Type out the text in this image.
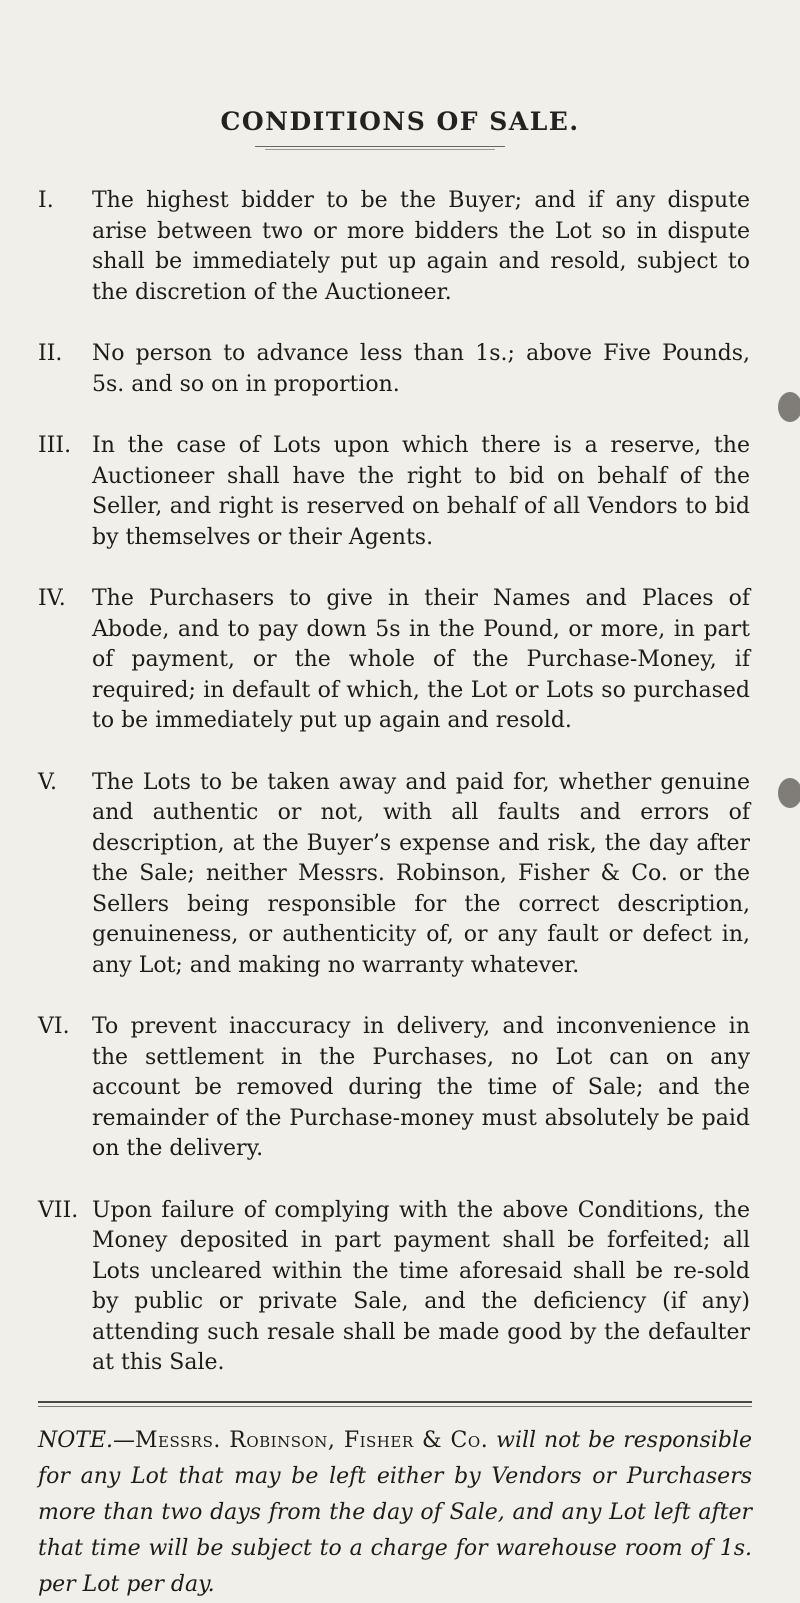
CONDITIONS OF SALE.
I.	The highest bidder to be the Buyer; and if any dispute arise between two or more bidders the Lot so in dispute shall be immediately put up again and resold, subject to the discretion of the Auctioneer.
II.	No person to advance less than 1s.; above Five Pounds, 5s. and so on in proportion.
III. In the case of Lots upon which there is a reserve, the Auctioneer shall have the right to bid on behalf of the Seller, and right is reserved on behalf of all Vendors to bid by themselves or their Agents.
IV.	The Purchasers to give in their Names and Places of Abode, and to pay down 5s in the Pound, or more, in part of payment, or the whole of the Purchase-Money, if required; in default of which, the Lot or Lots so purchased to be immediately put up again and resold.
V.	The Lots to be taken away and paid for, whether genuine and authentic or not, with all faults and errors of description, at the Buyer’s expense and risk, the day after the Sale; neither Messrs. Robinson, Fisher & Co. or the Sellers being responsible for the correct description, genuineness, or authenticity of, or any fault or defect in, any Lot; and making no warranty whatever.
VI.	To prevent inaccuracy in delivery, and inconvenience in the settlement in the Purchases, no Lot can on any account be removed during the time of Sale; and the remainder of the Purchase-money must absolutely be paid on the delivery.
NOTE.—Messrs. Robinson, Fisher & Co. will not be responsible for any Lot that may be left either by Vendors or Purchasers more than two days from the day of Sale, and any Lot left after that time will be subject to a charge for warehouse room of 1s. per Lot per day.
VII. Upon failure of complying with the above Conditions, the Money deposited in part payment shall be forfeited; all Lots uncleared within the time aforesaid shall be re-sold by public or private Sale, and the deficiency (if any) attending such resale shall be made good by the defaulter at this Sale.
